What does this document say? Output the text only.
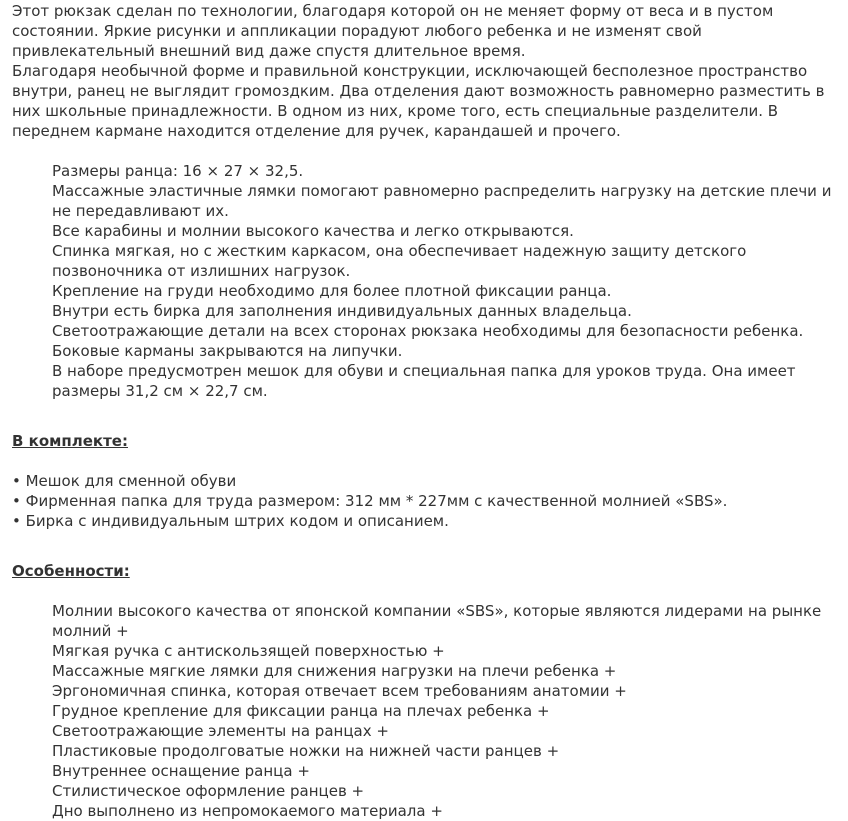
Этот рюкзак сделан по технологии, благодаря которой он не меняет форму от веса и в пустом состоянии. Яркие рисунки и аппликации порадуют любого ребенка и не изменят свой привлекательный внешний вид даже спустя длительное время.

Благодаря необычной форме и правильной конструкции, исключающей бесполезное пространство внутри, ранец не выглядит громоздким. Два отделения дают возможность равномерно разместить в них школьные принадлежности. В одном из них, кроме того, есть специальные разделители. В переднем кармане находится отделение для ручек, карандашей и прочего.

Размеры ранца: 16 × 27 × 32,5.
Массажные эластичные лямки помогают равномерно распределить нагрузку на детские плечи и не передавливают их.
Все карабины и молнии высокого качества и легко открываются.
Спинка мягкая, но с жестким каркасом, она обеспечивает надежную защиту детского позвоночника от излишних нагрузок.
Крепление на груди необходимо для более плотной фиксации ранца.
Внутри есть бирка для заполнения индивидуальных данных владельца.
Светоотражающие детали на всех сторонах рюкзака необходимы для безопасности ребенка.
Боковые карманы закрываются на липучки.
В наборе предусмотрен мешок для обуви и специальная папка для уроков труда. Она имеет размеры 31,2 см × 22,7 см.
В комплекте:
• Мешок для сменной обуви
• Фирменная папка для труда размером: 312 мм * 227мм с качественной молнией «SBS».
• Бирка с индивидуальным штрих кодом и описанием.
Особенности:
Молнии высокого качества от японской компании «SBS», которые являются лидерами на рынке молний +
Мягкая ручка с антискользящей поверхностью +
Массажные мягкие лямки для снижения нагрузки на плечи ребенка +
Эргономичная спинка, которая отвечает всем требованиям анатомии +
Грудное крепление для фиксации ранца на плечах ребенка +
Светоотражающие элементы на ранцах +
Пластиковые продолговатые ножки на нижней части ранцев +
Внутреннее оснащение ранца +
Стилистическое оформление ранцев +
Дно выполнено из непромокаемого материала +
